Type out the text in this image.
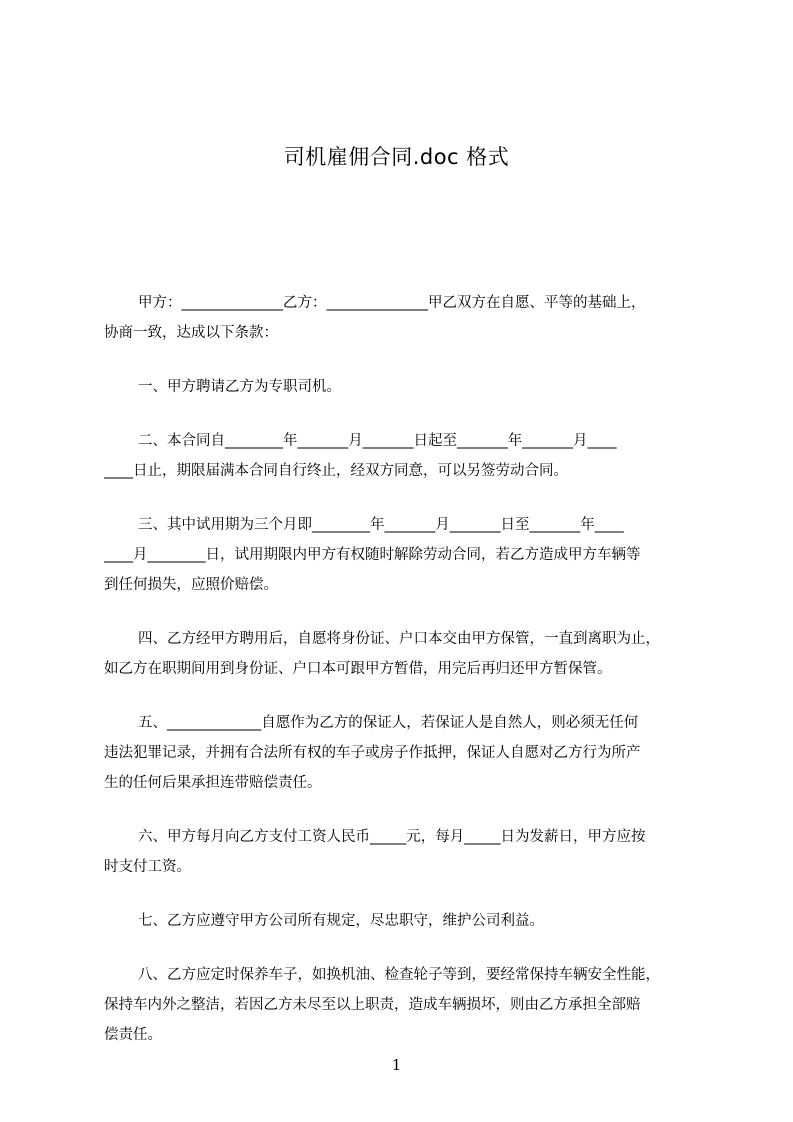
司机雇佣合同.doc 格式
甲方：______________乙方：______________甲乙双方在自愿、平等的基础上，
协商一致，达成以下条款：
一、甲方聘请乙方为专职司机。
二、本合同自________年_______月_______日起至_______年_______月____
____日止，期限届满本合同自行终止，经双方同意，可以另签劳动合同。
三、其中试用期为三个月即________年_______月_______日至_______年____
____月________日，试用期限内甲方有权随时解除劳动合同，若乙方造成甲方车辆等
到任何损失，应照价赔偿。
四、乙方经甲方聘用后，自愿将身份证、户口本交由甲方保管，一直到离职为止，
如乙方在职期间用到身份证、户口本可跟甲方暂借，用完后再归还甲方暂保管。
五、_____________自愿作为乙方的保证人，若保证人是自然人，则必须无任何
违法犯罪记录，并拥有合法所有权的车子或房子作抵押，保证人自愿对乙方行为所产
生的任何后果承担连带赔偿责任。
六、甲方每月向乙方支付工资人民币_____元，每月_____日为发薪日，甲方应按
时支付工资。
七、乙方应遵守甲方公司所有规定，尽忠职守，维护公司利益。
八、乙方应定时保养车子，如换机油、检查轮子等到，要经常保持车辆安全性能，
保持车内外之整洁，若因乙方未尽至以上职责，造成车辆损坏，则由乙方承担全部赔
偿责任。
1
